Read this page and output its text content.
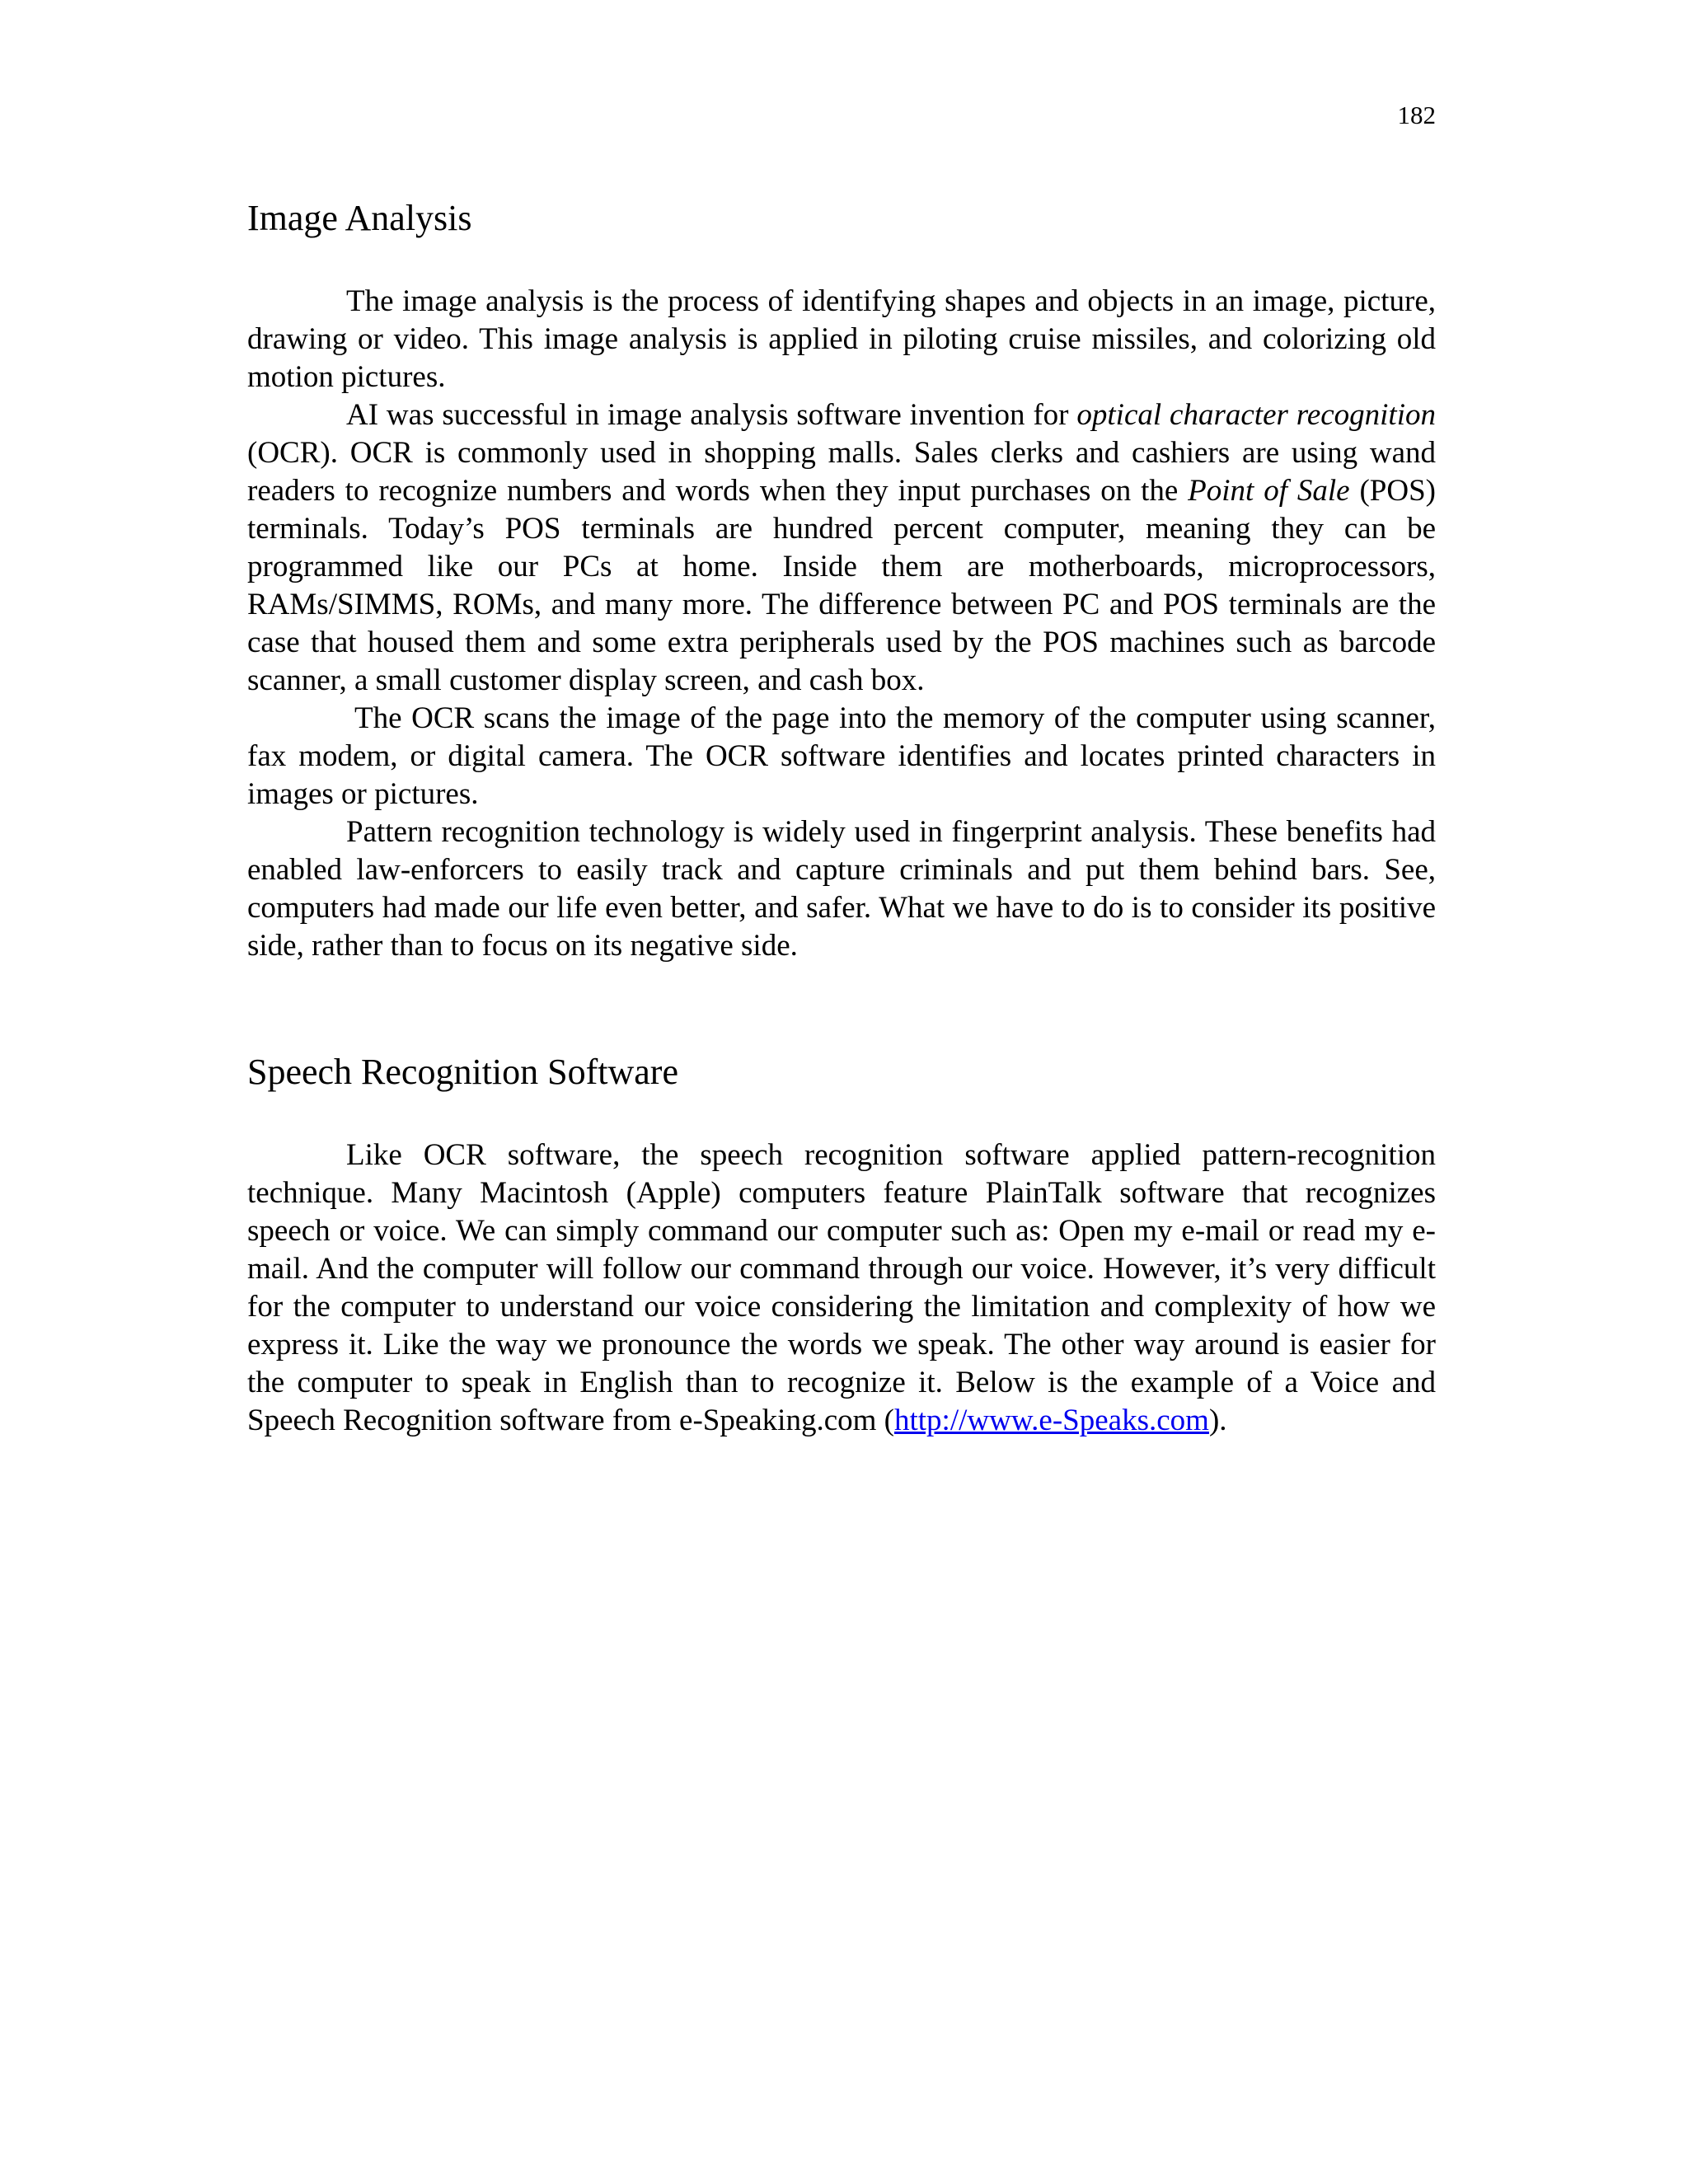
182
Image Analysis

The image analysis is the process of identifying shapes and objects in an image, picture, drawing or video. This image analysis is applied in piloting cruise missiles, and colorizing old motion pictures.

AI was successful in image analysis software invention for optical character recognition (OCR). OCR is commonly used in shopping malls. Sales clerks and cashiers are using wand readers to recognize numbers and words when they input purchases on the Point of Sale (POS) terminals. Today’s POS terminals are hundred percent computer, meaning they can be programmed like our PCs at home. Inside them are motherboards, microprocessors, RAMs/SIMMS, ROMs, and many more. The difference between PC and POS terminals are the case that housed them and some extra peripherals used by the POS machines such as barcode scanner, a small customer display screen, and cash box.

The OCR scans the image of the page into the memory of the computer using scanner, fax modem, or digital camera. The OCR software identifies and locates printed characters in images or pictures.

Pattern recognition technology is widely used in fingerprint analysis. These benefits had enabled law-enforcers to easily track and capture criminals and put them behind bars. See, computers had made our life even better, and safer. What we have to do is to consider its positive side, rather than to focus on its negative side.

Speech Recognition Software

Like OCR software, the speech recognition software applied pattern-recognition technique. Many Macintosh (Apple) computers feature PlainTalk software that recognizes speech or voice. We can simply command our computer such as: Open my e-mail or read my e-mail. And the computer will follow our command through our voice. However, it’s very difficult for the computer to understand our voice considering the limitation and complexity of how we express it. Like the way we pronounce the words we speak. The other way around is easier for the computer to speak in English than to recognize it. Below is the example of a Voice and Speech Recognition software from e-Speaking.com (http://www.e-Speaks.com).
